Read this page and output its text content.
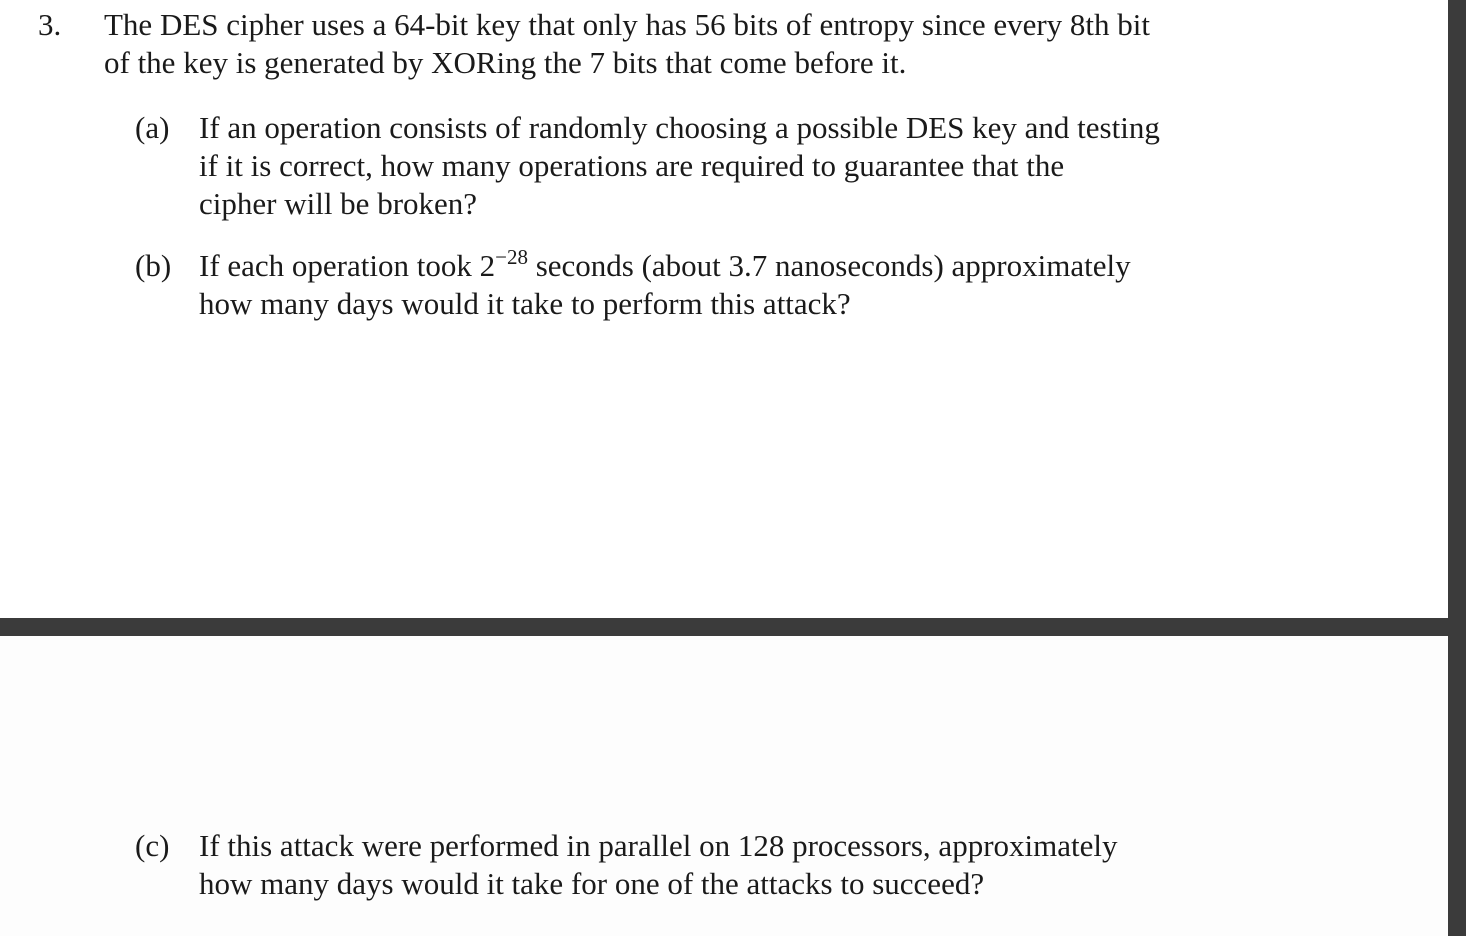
3. The DES cipher uses a 64-bit key that only has 56 bits of entropy since every 8th bit
of the key is generated by XORing the 7 bits that come before it.
(a) If an operation consists of randomly choosing a possible DES key and testing
if it is correct, how many operations are required to guarantee that the
cipher will be broken?
(b) If each operation took $2^{-28}$ seconds (about 3.7 nanoseconds) approximately
how many days would it take to perform this attack?
(c) If this attack were performed in parallel on 128 processors, approximately
how many days would it take for one of the attacks to succeed?
